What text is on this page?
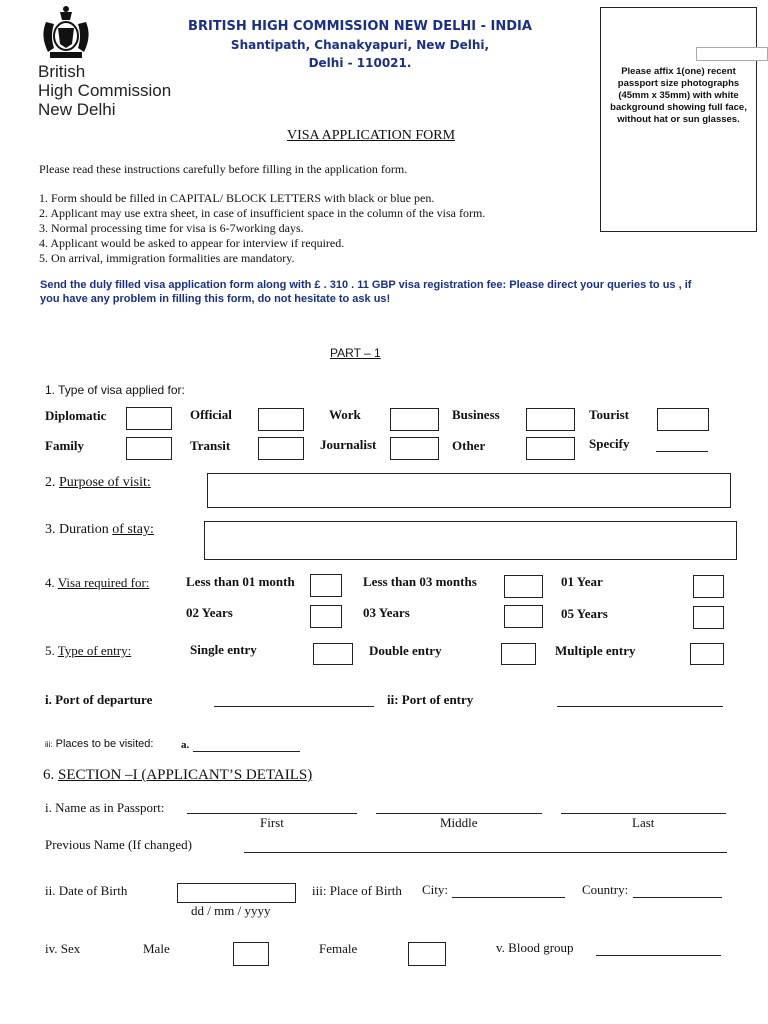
British
High Commission
New Delhi
BRITISH HIGH COMMISSION NEW DELHI - INDIA
Shantipath, Chanakyapuri, New Delhi,
Delhi - 110021.
Please affix 1(one) recent passport size photographs (45mm x 35mm) with white background showing full face, without hat or sun glasses.
VISA APPLICATION FORM
Please read these instructions carefully before filling in the application form.
1. Form should be filled in CAPITAL/ BLOCK LETTERS with black or blue pen.
2. Applicant may use extra sheet, in case of insufficient space in the column of the visa form.
3. Normal processing time for visa is 6-7working days.
4. Applicant would be asked to appear for interview if required.
5. On arrival, immigration formalities are mandatory.
Send the duly filled visa application form along with £ . 310 . 11 GBP visa registration fee: Please direct your queries to us , if you have any problem in filling this form, do not hesitate to ask us!
PART – 1
1. Type of visa applied for:
Diplomatic	Official	Work	Business	Tourist
Family	Transit	Journalist	Other	Specify
2. Purpose of visit:
3. Duration of stay:
4. Visa required for:	Less than 01 month	Less than 03 months	01 Year
02 Years	03 Years	05 Years
5. Type of entry:	Single entry	Double entry	Multiple entry
i. Port of departure	ii: Port of entry
iii: Places to be visited:	a.
6. SECTION –I (APPLICANT’S DETAILS)
i. Name as in Passport:
First	Middle	Last
Previous Name (If changed)
ii. Date of Birth
dd / mm / yyyy
iii: Place of Birth City:	Country:
iv. Sex	Male	Female	v. Blood group
